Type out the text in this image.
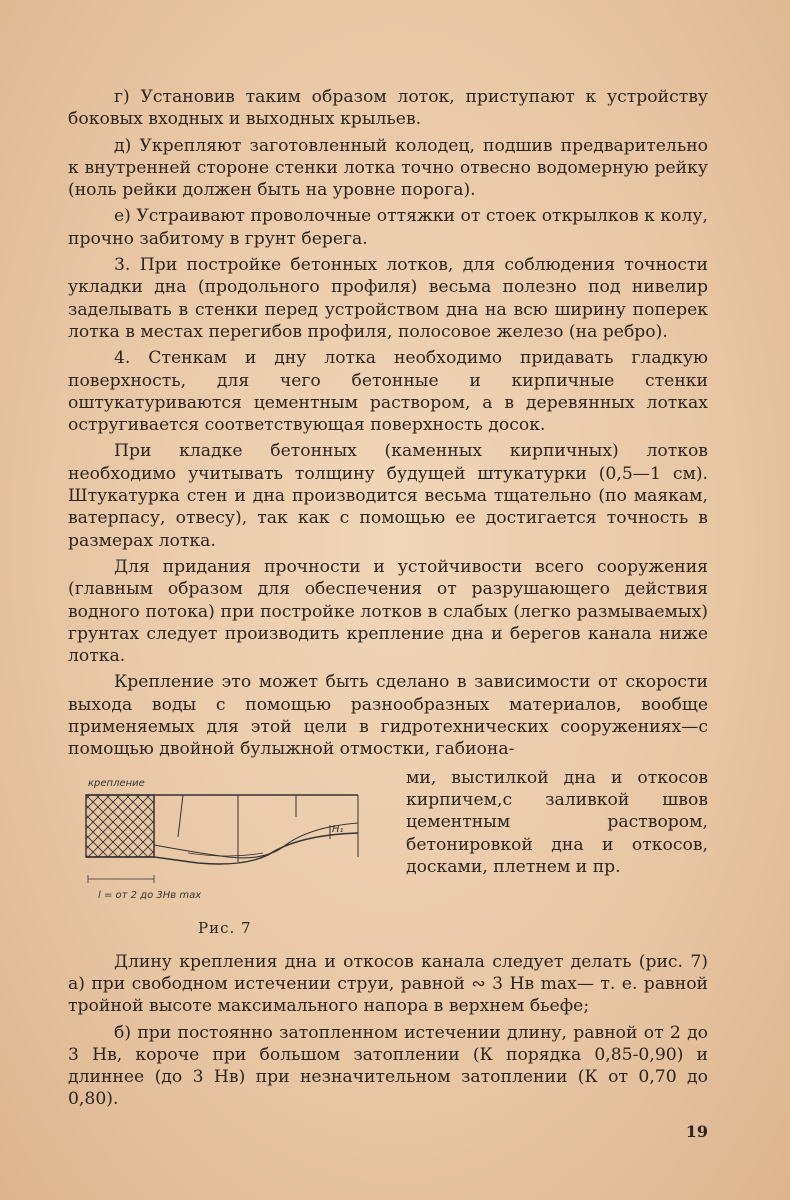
г) Установив таким образом лоток, приступают к устройству боковых входных и выходных крыльев.

д) Укрепляют заготовленный колодец, подшив предварительно к внутренней стороне стенки лотка точно отвесно водомерную рейку (ноль рейки должен быть на уровне порога).

е) Устраивают проволочные оттяжки от стоек открылков к колу, прочно забитому в грунт берега.

3. При постройке бетонных лотков, для соблюдения точности укладки дна (продольного профиля) весьма полезно под нивелир заделывать в стенки перед устройством дна на всю ширину поперек лотка в местах перегибов профиля, полосовое железо (на ребро).

4. Стенкам и дну лотка необходимо придавать гладкую поверхность, для чего бетонные и кирпичные стенки оштукатуриваются цементным раствором, а в деревянных лотках остругивается соответствующая поверхность досок.

При кладке бетонных (каменных кирпичных) лотков необходимо учитывать толщину будущей штукатурки (0,5—1 см). Штукатурка стен и дна производится весьма тщательно (по маякам, ватерпасу, отвесу), так как с помощью ее достигается точность в размерах лотка.

Для придания прочности и устойчивости всего сооружения (главным образом для обеспечения от разрушающего действия водного потока) при постройке лотков в слабых (легко размываемых) грунтах следует производить крепление дна и берегов канала ниже лотка.

Крепление это может быть сделано в зависимости от скорости выхода воды с помощью разнообразных материалов, вообще применяемых для этой цели в гидротехнических сооружениях—с помощью двойной булыжной отмостки, габиона-

крепление
H₁
l = от 2 до 3Hв max
Рис. 7
ми, выстилкой дна и откосов кирпичем,с заливкой швов цементным раствором, бетонировкой дна и откосов, досками, плетнем и пр.

Длину крепления дна и откосов канала следует делать (рис. 7) а) при свободном истечении струи, равной ∾ 3 Hв max— т. е. равной тройной высоте максимального напора в верхнем бьефе;

б) при постоянно затопленном истечении длину, равной от 2 до 3 Hв, короче при большом затоплении (К порядка 0,85-0,90) и длиннее (до 3 Hв) при незначительном затоплении (К от 0,70 до 0,80).

19
